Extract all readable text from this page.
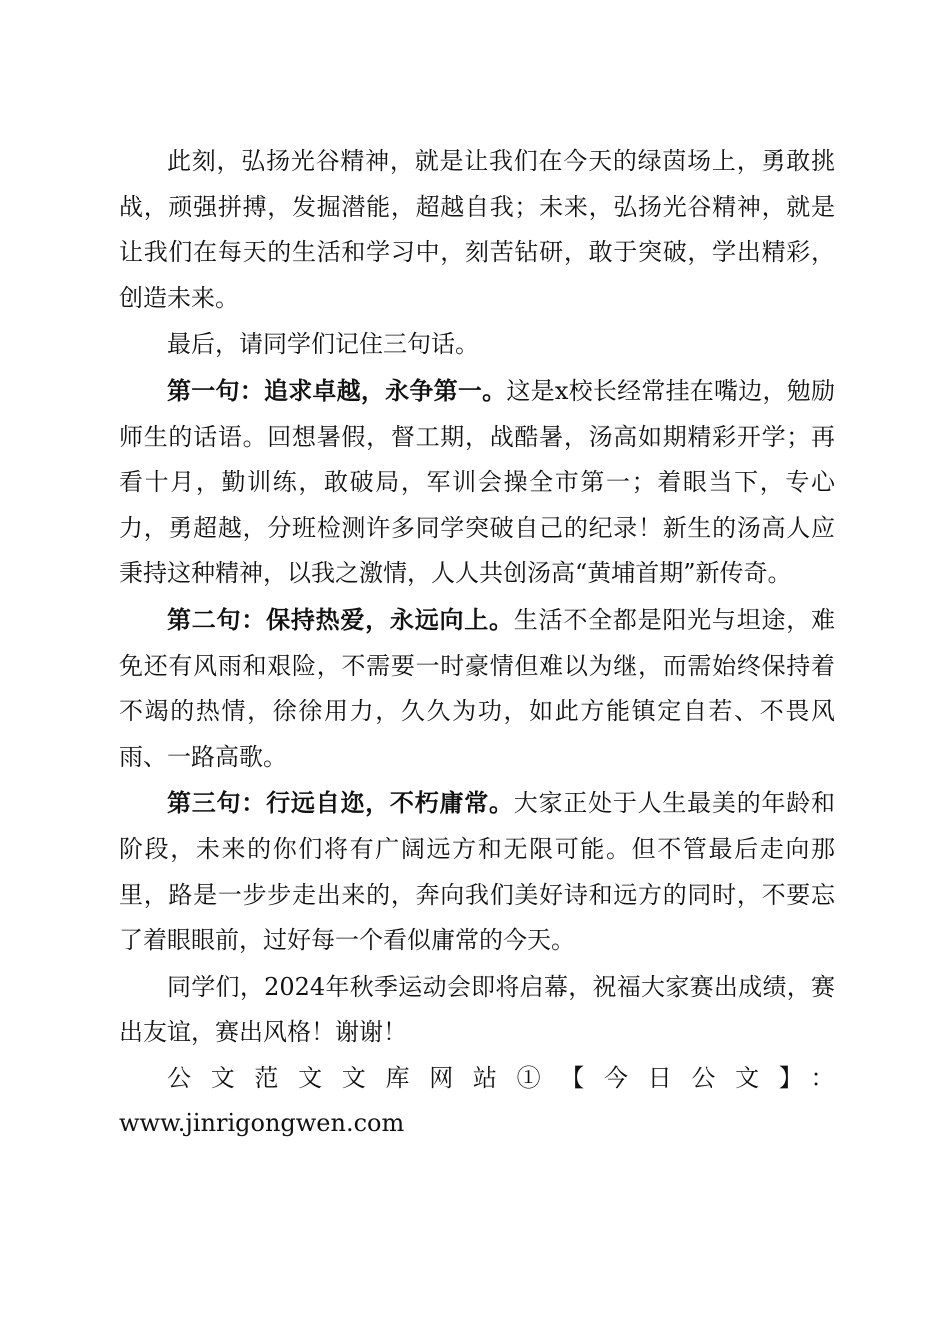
此刻，弘扬光谷精神，就是让我们在今天的绿茵场上，勇敢挑战，顽强拼搏，发掘潜能，超越自我；未来，弘扬光谷精神，就是让我们在每天的生活和学习中，刻苦钻研，敢于突破，学出精彩，创造未来。

最后，请同学们记住三句话。

第一句：追求卓越，永争第一。这是x校长经常挂在嘴边，勉励师生的话语。回想暑假，督工期，战酷暑，汤高如期精彩开学；再看十月，勤训练，敢破局，军训会操全市第一；着眼当下，专心力，勇超越，分班检测许多同学突破自己的纪录！新生的汤高人应秉持这种精神，以我之激情，人人共创汤高“黄埔首期”新传奇。

第二句：保持热爱，永远向上。生活不全都是阳光与坦途，难免还有风雨和艰险，不需要一时豪情但难以为继，而需始终保持着不竭的热情，徐徐用力，久久为功，如此方能镇定自若、不畏风雨、一路高歌。

第三句：行远自迩，不朽庸常。大家正处于人生最美的年龄和阶段，未来的你们将有广阔远方和无限可能。但不管最后走向那里，路是一步步走出来的，奔向我们美好诗和远方的同时，不要忘了着眼眼前，过好每一个看似庸常的今天。

同学们，2024年秋季运动会即将启幕，祝福大家赛出成绩，赛出友谊，赛出风格！谢谢！

公文范文文库网站①【今日公文】：

www.jinrigongwen.com
